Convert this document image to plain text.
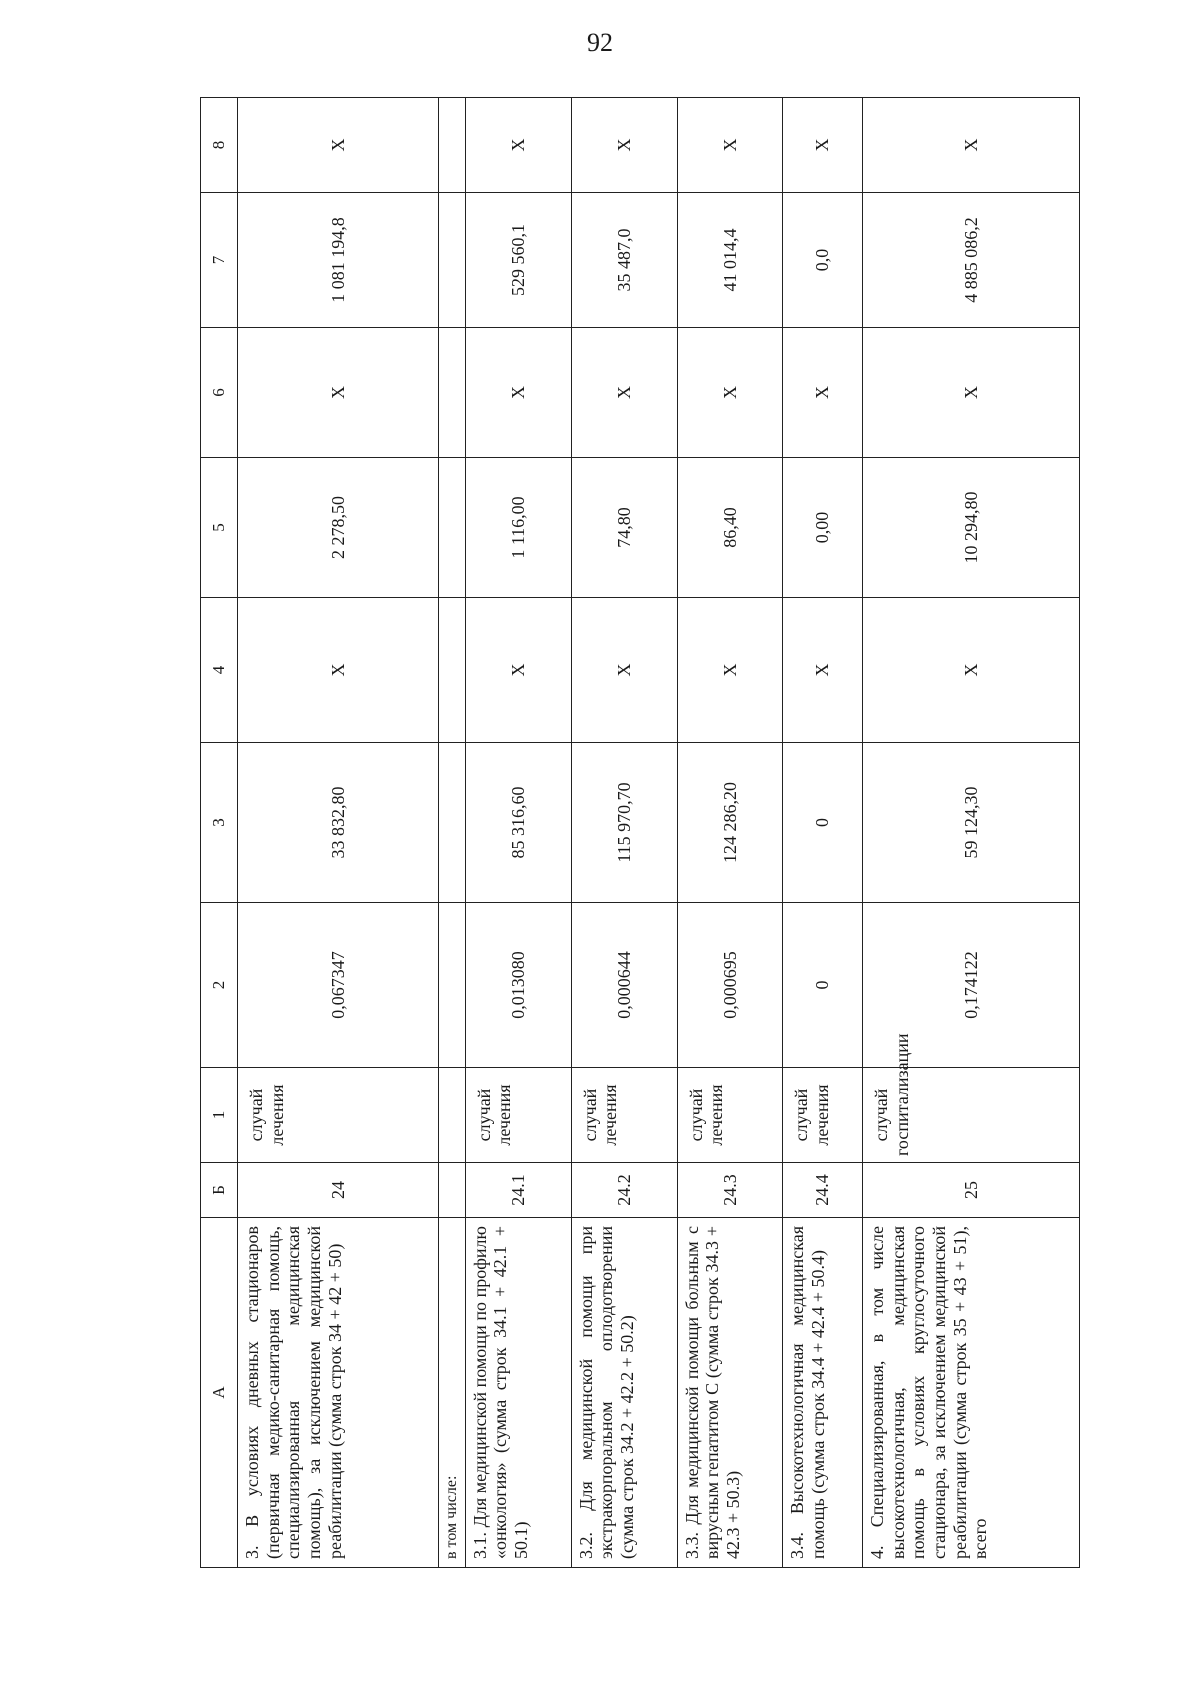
92
А	Б	1	2	3	4	5	6	7	8
3. В условиях дневных стационаров (первичная медико-санитарная помощь, специализированная медицинская помощь), за исключением медицинской реабилитации (сумма строк 34 + 42 + 50)	24	случай лечения	0,067347	33 832,80	X	2 278,50	X	1 081 194,8	X
в том числе:									
3.1. Для медицинской помощи по профилю «онкология» (сумма строк 34.1 + 42.1 + 50.1)	24.1	случай лечения	0,013080	85 316,60	X	1 116,00	X	529 560,1	X
3.2. Для медицинской помощи при экстракорпоральном оплодотворении (сумма строк 34.2 + 42.2 + 50.2)	24.2	случай лечения	0,000644	115 970,70	X	74,80	X	35 487,0	X
3.3. Для медицинской помощи больным с вирусным гепатитом С (сумма строк 34.3 + 42.3 + 50.3)	24.3	случай лечения	0,000695	124 286,20	X	86,40	X	41 014,4	X
3.4. Высокотехнологичная медицинская помощь (сумма строк 34.4 + 42.4 + 50.4)	24.4	случай лечения	0	0	X	0,00	X	0,0	X
4. Специализированная, в том числе высокотехнологичная, медицинская помощь в условиях круглосуточного стационара, за исключением медицинской реабилитации (сумма строк 35 + 43 + 51), всего	25	случай госпитализации	0,174122	59 124,30	X	10 294,80	X	4 885 086,2	X
